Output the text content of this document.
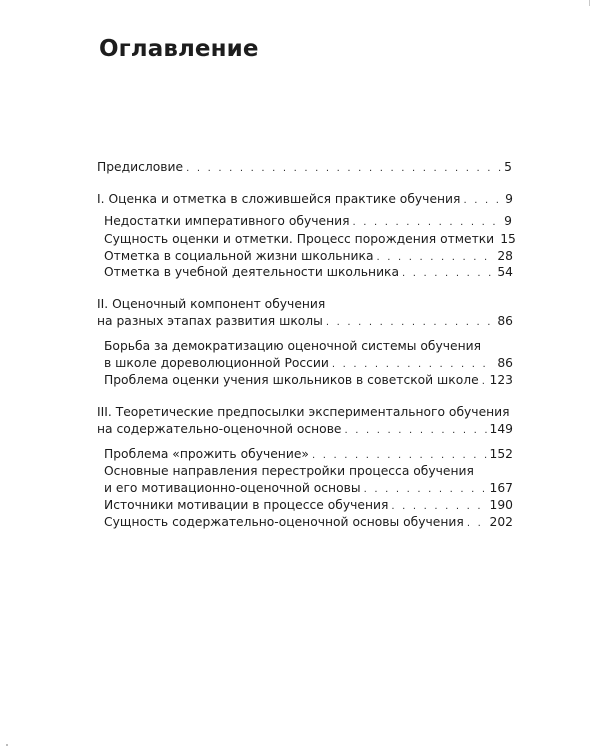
Оглавление
Предисловие . . .	5
I. Оценка и отметка в сложившейся практике обучения . . .	9
Недостатки императивного обучения . . .	9
Сущность оценки и отметки. Процесс порождения отметки 15
Отметка в социальной жизни школьника . . .	28
Отметка в учебной деятельности школьника . . .	54
II. Оценочный компонент обучения
на разных этапах развития школы . . .	86
Борьба за демократизацию оценочной системы обучения
в школе дореволюционной России . . .	86
Проблема оценки учения школьников в советской школе . . . 123
III. Теоретические предпосылки экспериментального обучения
на содержательно-оценочной основе . . .	149
Проблема «прожить обучение» . . .	152
Основные направления перестройки процесса обучения
и его мотивационно-оценочной основы . . .	167
Источники мотивации в процессе обучения . . .	190
Сущность содержательно-оценочной основы обучения . . . 202
